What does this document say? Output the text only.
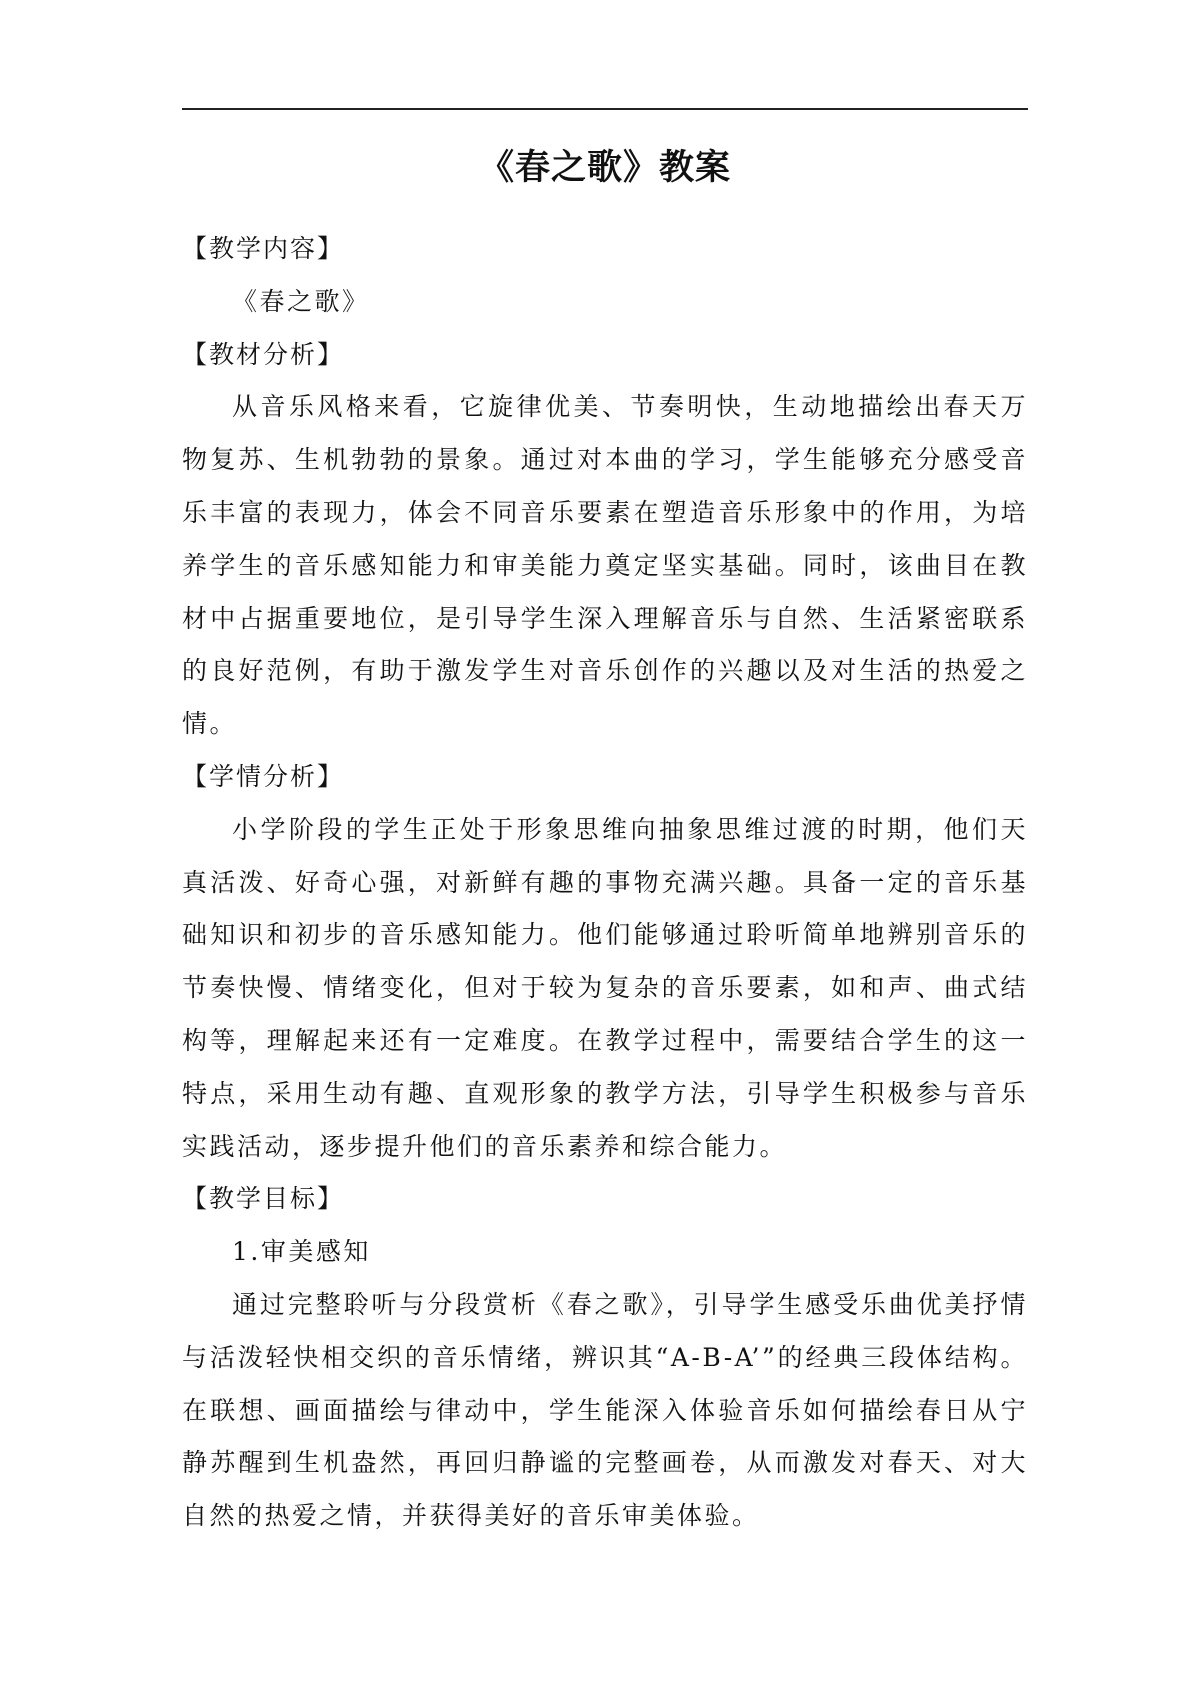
《春之歌》教案
【教学内容】

《春之歌》

【教材分析】

从音乐风格来看，它旋律优美、节奏明快，生动地描绘出春天万物复苏、生机勃勃的景象。通过对本曲的学习，学生能够充分感受音乐丰富的表现力，体会不同音乐要素在塑造音乐形象中的作用，为培养学生的音乐感知能力和审美能力奠定坚实基础。同时，该曲目在教材中占据重要地位，是引导学生深入理解音乐与自然、生活紧密联系的良好范例，有助于激发学生对音乐创作的兴趣以及对生活的热爱之情。

【学情分析】

小学阶段的学生正处于形象思维向抽象思维过渡的时期，他们天真活泼、好奇心强，对新鲜有趣的事物充满兴趣。具备一定的音乐基础知识和初步的音乐感知能力。他们能够通过聆听简单地辨别音乐的节奏快慢、情绪变化，但对于较为复杂的音乐要素，如和声、曲式结构等，理解起来还有一定难度。在教学过程中，需要结合学生的这一特点，采用生动有趣、直观形象的教学方法，引导学生积极参与音乐实践活动，逐步提升他们的音乐素养和综合能力。

【教学目标】

1.审美感知

通过完整聆听与分段赏析《春之歌》，引导学生感受乐曲优美抒情与活泼轻快相交织的音乐情绪，辨识其“A-B-A’”的经典三段体结构。在联想、画面描绘与律动中，学生能深入体验音乐如何描绘春日从宁静苏醒到生机盎然，再回归静谧的完整画卷，从而激发对春天、对大自然的热爱之情，并获得美好的音乐审美体验。
